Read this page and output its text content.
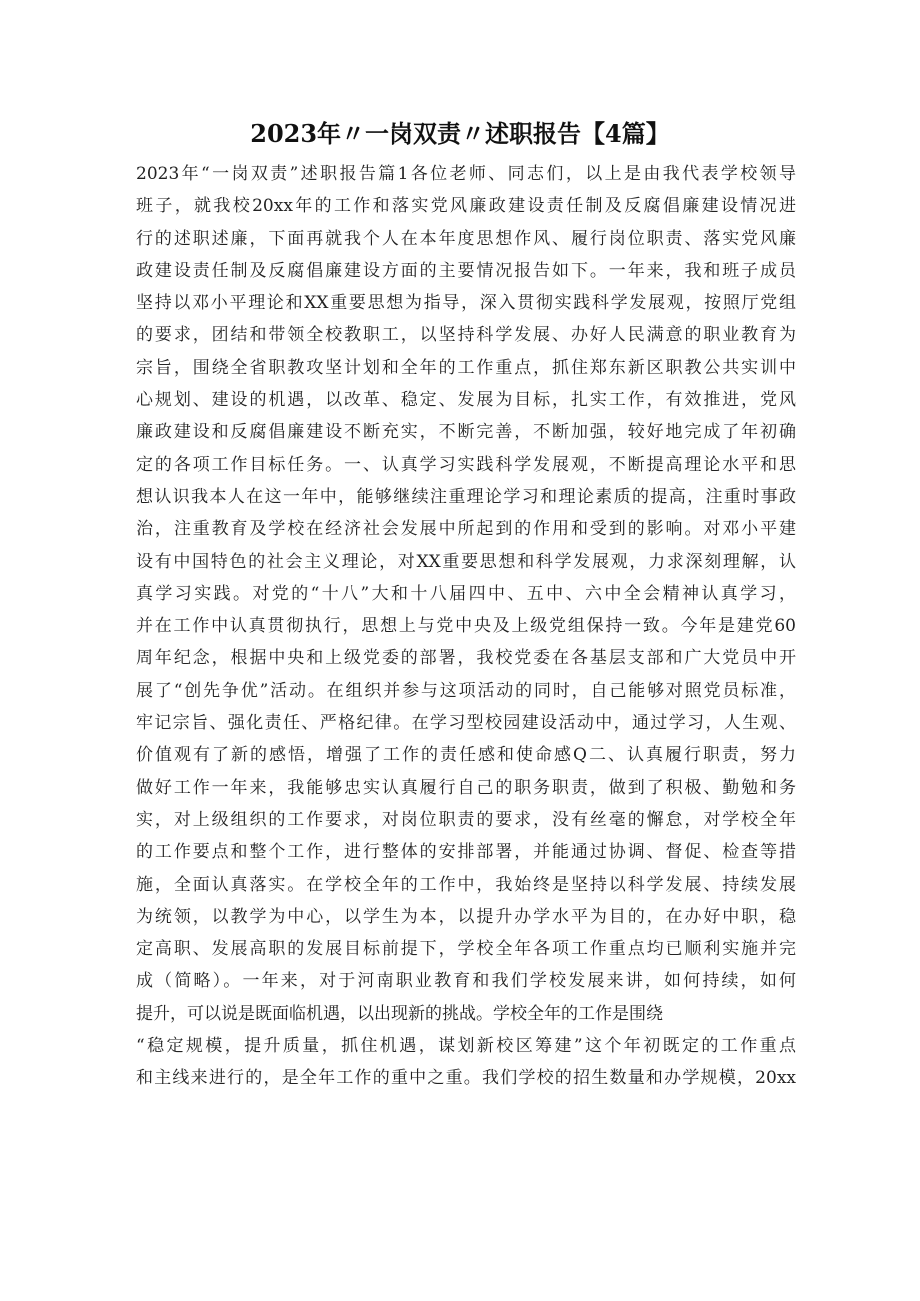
2023年〃一岗双责〃述职报告【4篇】
2023年“一岗双责”述职报告篇1各位老师、同志们，以上是由我代表学校领导
班子，就我校20xx年的工作和落实党风廉政建设责任制及反腐倡廉建设情况进
行的述职述廉，下面再就我个人在本年度思想作风、履行岗位职责、落实党风廉
政建设责任制及反腐倡廉建设方面的主要情况报告如下。一年来，我和班子成员
坚持以邓小平理论和XX重要思想为指导，深入贯彻实践科学发展观，按照厅党组
的要求，团结和带领全校教职工，以坚持科学发展、办好人民满意的职业教育为
宗旨，围绕全省职教攻坚计划和全年的工作重点，抓住郑东新区职教公共实训中
心规划、建设的机遇，以改革、稳定、发展为目标，扎实工作，有效推进，党风
廉政建设和反腐倡廉建设不断充实，不断完善，不断加强，较好地完成了年初确
定的各项工作目标任务。一、认真学习实践科学发展观，不断提高理论水平和思
想认识我本人在这一年中，能够继续注重理论学习和理论素质的提高，注重时事政
治，注重教育及学校在经济社会发展中所起到的作用和受到的影响。对邓小平建
设有中国特色的社会主义理论，对XX重要思想和科学发展观，力求深刻理解，认
真学习实践。对党的“十八”大和十八届四中、五中、六中全会精神认真学习，
并在工作中认真贯彻执行，思想上与党中央及上级党组保持一致。今年是建党60
周年纪念，根据中央和上级党委的部署，我校党委在各基层支部和广大党员中开
展了“创先争优”活动。在组织并参与这项活动的同时，自己能够对照党员标准，
牢记宗旨、强化责任、严格纪律。在学习型校园建设活动中，通过学习，人生观、
价值观有了新的感悟，增强了工作的责任感和使命感Q二、认真履行职责，努力
做好工作一年来，我能够忠实认真履行自己的职务职责，做到了积极、勤勉和务
实，对上级组织的工作要求，对岗位职责的要求，没有丝毫的懈怠，对学校全年
的工作要点和整个工作，进行整体的安排部署，并能通过协调、督促、检查等措
施，全面认真落实。在学校全年的工作中，我始终是坚持以科学发展、持续发展
为统领，以教学为中心，以学生为本，以提升办学水平为目的，在办好中职，稳
定高职、发展高职的发展目标前提下，学校全年各项工作重点均已顺利实施并完
成（简略）。一年来，对于河南职业教育和我们学校发展来讲，如何持续，如何
提升，可以说是既面临机遇，以出现新的挑战。学校全年的工作是围绕
“稳定规模，提升质量，抓住机遇，谋划新校区筹建”这个年初既定的工作重点
和主线来进行的，是全年工作的重中之重。我们学校的招生数量和办学规模，20xx
